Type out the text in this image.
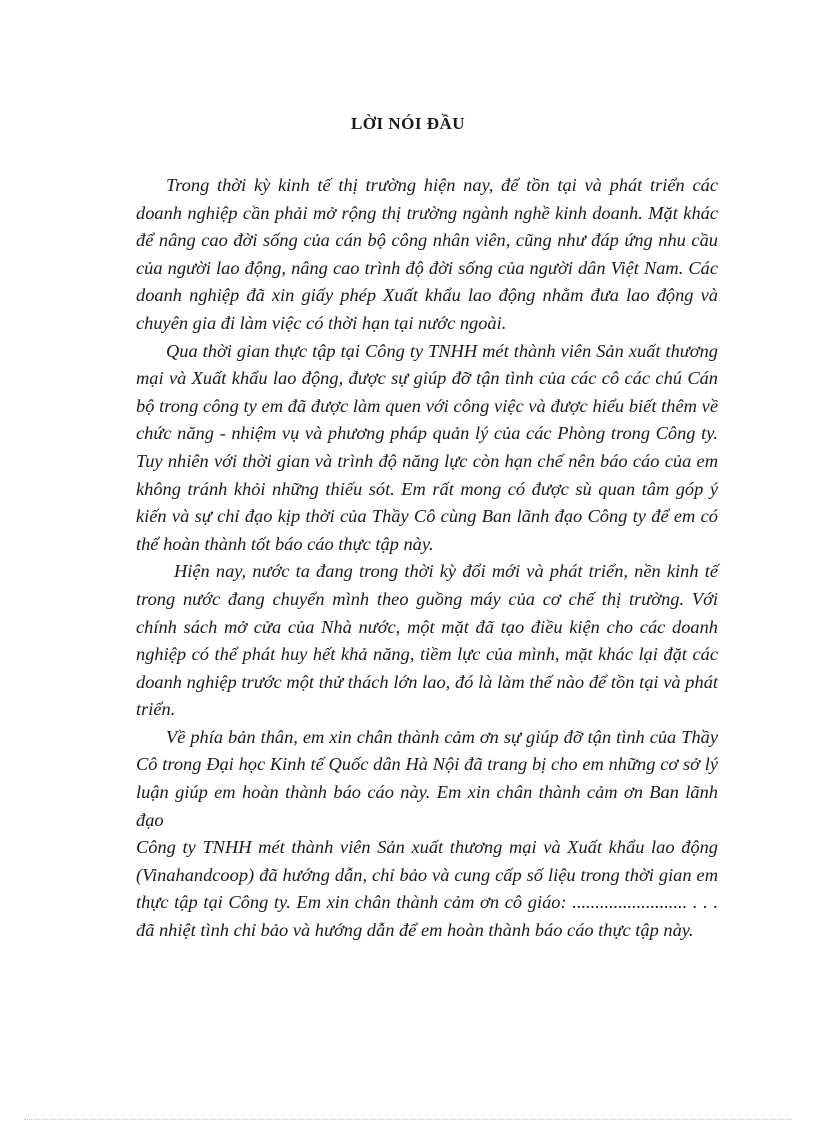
LỜI NÓI ĐẦU

Trong thời kỳ kinh tế thị trường hiện nay, để tồn tại và phát triển các doanh nghiệp cần phải mở rộng thị trường ngành nghề kinh doanh. Mặt khác để nâng cao đời sống của cán bộ công nhân viên, cũng như đáp ứng nhu cầu của người lao động, nâng cao trình độ đời sống của người dân Việt Nam. Các doanh nghiệp đã xin giấy phép Xuất khẩu lao động nhằm đưa lao động và chuyên gia đi làm việc có thời hạn tại nước ngoài.

Qua thời gian thực tập tại Công ty TNHH mét thành viên Sản xuất thương mại và Xuất khẩu lao động, được sự giúp đỡ tận tình của các cô các chú Cán bộ trong công ty em đã được làm quen với công việc và được hiểu biết thêm về chức năng - nhiệm vụ và phương pháp quản lý của các Phòng trong Công ty. Tuy nhiên với thời gian và trình độ năng lực còn hạn chế nên báo cáo của em không tránh khỏi những thiếu sót. Em rất mong có được sù quan tâm góp ý kiến và sự chỉ đạo kịp thời của Thầy Cô cùng Ban lãnh đạo Công ty để em có thể hoàn thành tốt báo cáo thực tập này.

Hiện nay, nước ta đang trong thời kỳ đổi mới và phát triển, nền kinh tế trong nước đang chuyển mình theo guồng máy của cơ chế thị trường. Với chính sách mở cửa của Nhà nước, một mặt đã tạo điều kiện cho các doanh nghiệp có thể phát huy hết khả năng, tiềm lực của mình, mặt khác lại đặt các doanh nghiệp trước một thử thách lớn lao, đó là làm thế nào để tồn tại và phát triển.

Về phía bản thân, em xin chân thành cảm ơn sự giúp đỡ tận tình của Thầy Cô trong Đại học Kinh tế Quốc dân Hà Nội đã trang bị cho em những cơ sở lý luận giúp em hoàn thành báo cáo này. Em xin chân thành cảm ơn Ban lãnh đạo

Công ty TNHH mét thành viên Sản xuất thương mại và Xuất khẩu lao động (Vinahandcoop) đã hướng dẫn, chỉ bảo và cung cấp số liệu trong thời gian em thực tập tại Công ty. Em xin chân thành cảm ơn cô giáo: ......................... . . . đã nhiệt tình chỉ bảo và hướng dẫn để em hoàn thành báo cáo thực tập này.
